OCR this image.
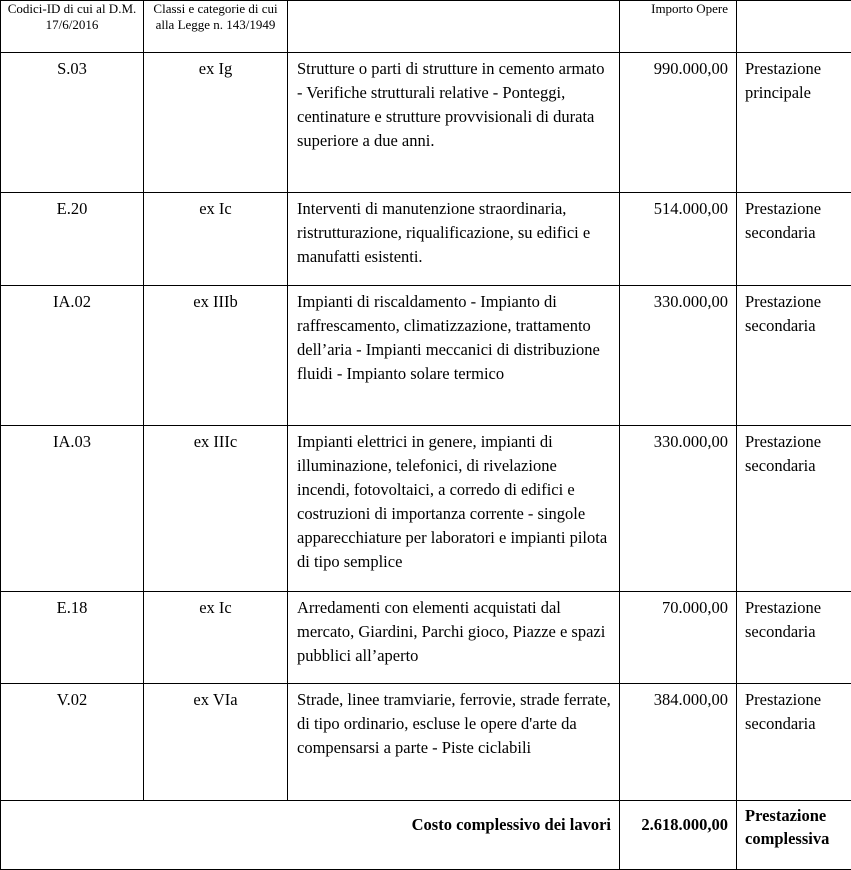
Codici-ID di cui al D.M. 17/6/2016	Classi e categorie di cui alla Legge n. 143/1949		Importo Opere	
S.03	ex Ig	Strutture o parti di strutture in cemento armato - Verifiche strutturali relative - Ponteggi, centinature e strutture provvisionali di durata superiore a due anni.	990.000,00	Prestazione principale
E.20	ex Ic	Interventi di manutenzione straordinaria, ristrutturazione, riqualificazione, su edifici e manufatti esistenti.	514.000,00	Prestazione secondaria
IA.02	ex IIIb	Impianti di riscaldamento - Impianto di raffrescamento, climatizzazione, trattamento dell’aria - Impianti meccanici di distribuzione fluidi - Impianto solare termico	330.000,00	Prestazione secondaria
IA.03	ex IIIc	Impianti elettrici in genere, impianti di illuminazione, telefonici, di rivelazione incendi, fotovoltaici, a corredo di edifici e costruzioni di importanza corrente - singole apparecchiature per laboratori e impianti pilota di tipo semplice	330.000,00	Prestazione secondaria
E.18	ex Ic	Arredamenti con elementi acquistati dal mercato, Giardini, Parchi gioco, Piazze e spazi pubblici all’aperto	70.000,00	Prestazione secondaria
V.02	ex VIa	Strade, linee tramviarie, ferrovie, strade ferrate, di tipo ordinario, escluse le opere d'arte da compensarsi a parte - Piste ciclabili	384.000,00	Prestazione secondaria
Costo complessivo dei lavori			2.618.000,00	Prestazione complessiva
